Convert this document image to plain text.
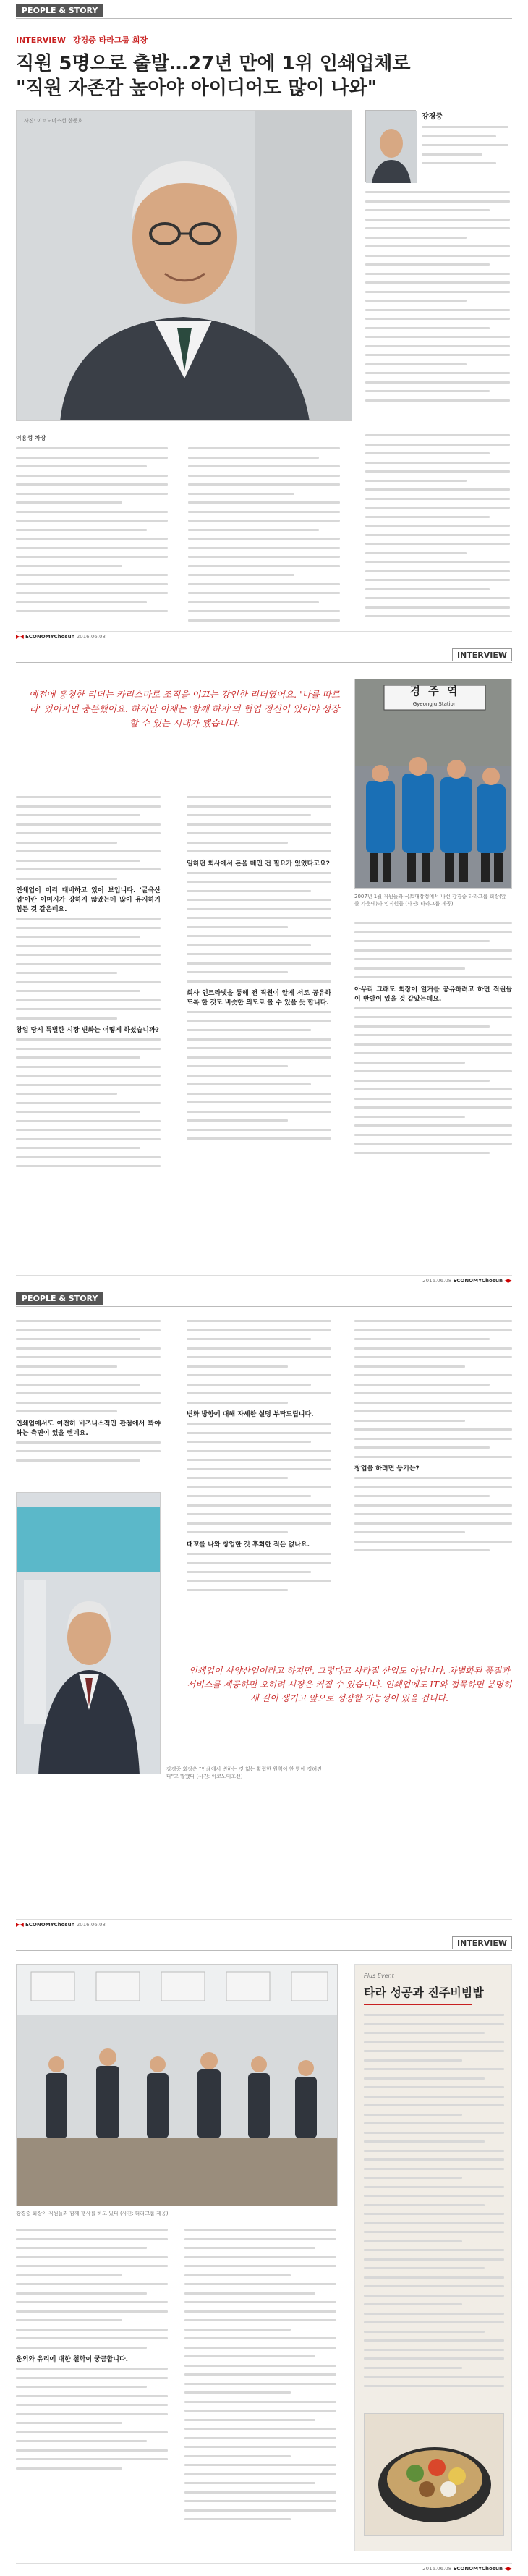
PEOPLE & STORY
INTERVIEW 강경중 타라그룹 회장
직원 5명으로 출발…27년 만에 1위 인쇄업체로
"직원 자존감 높아야 아이디어도 많이 나와"
사진: 이코노미조선 한준호	강경중
이용성 차장
▶◀ ECONOMYChosun 2016.06.08
INTERVIEW
예전에 흥청한 리더는 카리스마로 조직을 이끄는 강인한 리더였어요. '나를 따르라' 였어지면 충분했어요. 하지만 이제는 '함께 하자'의 협업 정신이 있어야 성장할 수 있는 시대가 됐습니다.
경 주 역
Gyeongju Station
2007년 1월 직원들과 국토대장정에서 나선 강경중 타라그룹 회장(앞 줄 가운데)과 임직원들 (사진: 타라그룹 제공)
인쇄업이 미리 대비하고 있어 보입니다. '굴육산업'이란 이미지가 강하지 않았는데 많이 유지하기 힘든 것 같은데요.
창업 당시 특별한 시장 변화는 어떻게 하셨습니까?
일하던 회사에서 돈을 떼인 건 필요가 있었다고요?
회사 인트라넷을 통해 전 직원이 알게 서로 공유하도록 한 것도 비슷한 의도로 볼 수 있을 듯 합니다.
아무리 그래도 회장이 일거를 공유하려고 하면 직원들이 반발이 있을 것 같았는데요.
2016.06.08 ECONOMYChosun ◀▶
PEOPLE & STORY
인쇄업에서도 여전히 비즈니스적인 관점에서 봐야 하는 측면이 있을 텐데요.
강경중 회장은 "인쇄에서 변하는 것 없는 확립한 원칙이 한 방에 정해진다"고 말했다 (사진: 이코노미조선)
변화 방향에 대해 자세한 설명 부탁드립니다.
대꼬를 나와 창업한 것 후회한 적은 없나요.
창업을 하려면 등기는?
인쇄업이 사양산업이라고 하지만, 그렇다고 사라질 산업도 아닙니다. 차별화된 품질과 서비스를 제공하면 오히려 시장은 커질 수 있습니다. 인쇄업에도 IT와 접목하면 분명히 새 길이 생기고 앞으로 성장할 가능성이 있을 겁니다.
▶◀ ECONOMYChosun 2016.06.08
INTERVIEW
강경중 회장이 직원들과 함께 행사를 하고 있다 (사진: 타라그룹 제공)
Plus Event
타라 성공과 진주비빔밥
운외와 유리에 대한 철학이 궁금합니다.
2016.06.08 ECONOMYChosun ◀▶
